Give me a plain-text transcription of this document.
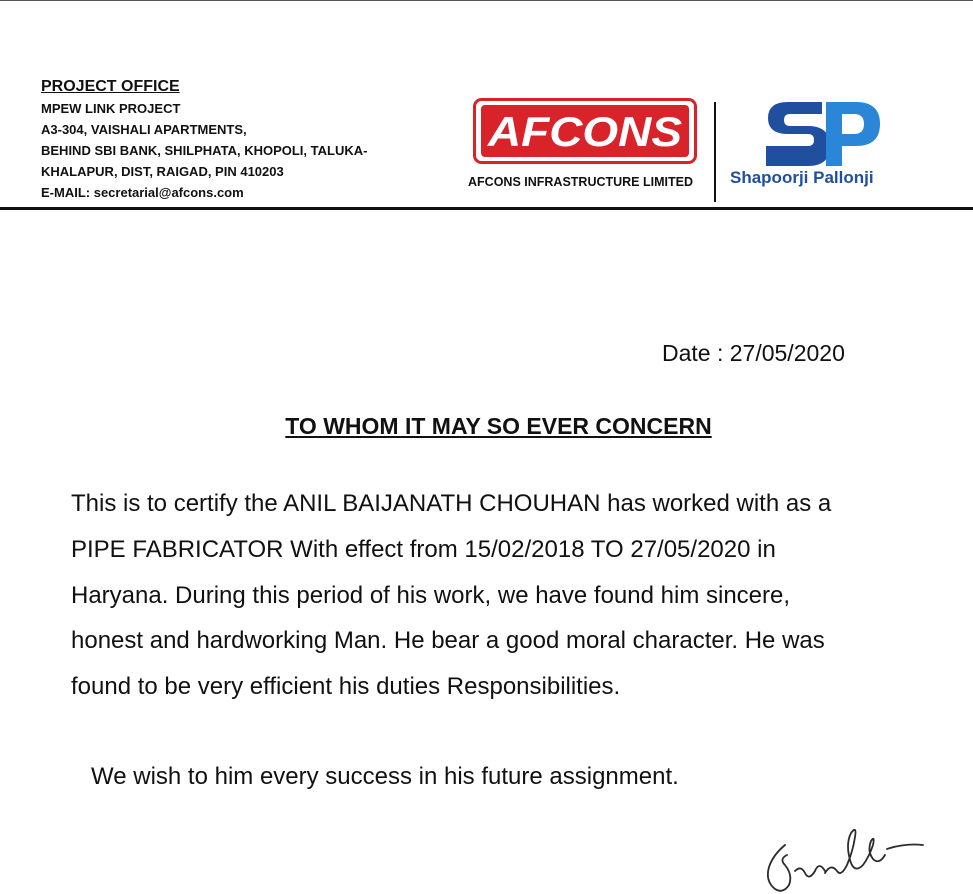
PROJECT OFFICE
MPEW LINK PROJECT
A3-304, VAISHALI APARTMENTS,
BEHIND SBI BANK, SHILPHATA, KHOPOLI, TALUKA-
KHALAPUR, DIST, RAIGAD, PIN 410203
E-MAIL: secretarial@afcons.com
AFCONS
AFCONS INFRASTRUCTURE LIMITED Shapoorji Pallonji
Date : 27/05/2020
TO WHOM IT MAY SO EVER CONCERN
This is to certify the ANIL BAIJANATH CHOUHAN has worked with as a
PIPE FABRICATOR With effect from 15/02/2018 TO 27/05/2020 in
Haryana. During this period of his work, we have found him sincere,
honest and hardworking Man. He bear a good moral character. He was
found to be very efficient his duties Responsibilities.
We wish to him every success in his future assignment.
